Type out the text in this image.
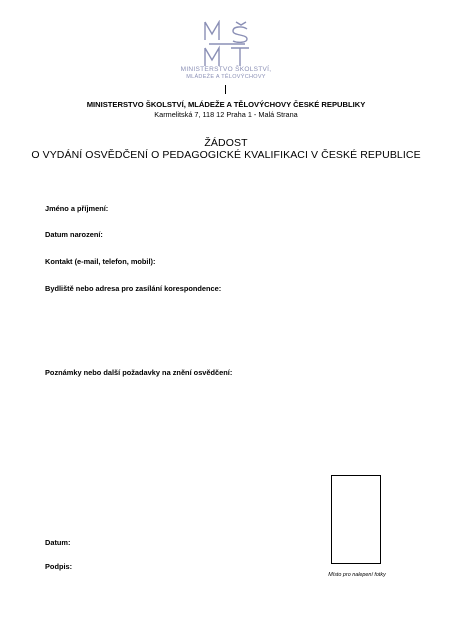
MINISTERSTVO ŠKOLSTVÍ,
MLÁDEŽE A TĚLOVÝCHOVY
MINISTERSTVO ŠKOLSTVÍ, MLÁDEŽE A TĚLOVÝCHOVY ČESKÉ REPUBLIKY
Karmelitská 7, 118 12 Praha 1 - Malá Strana
ŽÁDOST
O VYDÁNÍ OSVĚDČENÍ O PEDAGOGICKÉ KVALIFIKACI V ČESKÉ REPUBLICE
Jméno a příjmení:
Datum narození:
Kontakt (e-mail, telefon, mobil):
Bydliště nebo adresa pro zasílání korespondence:
Poznámky nebo další požadavky na znění osvědčení:
Datum:
Podpis:
Místo pro nalepení fotky
